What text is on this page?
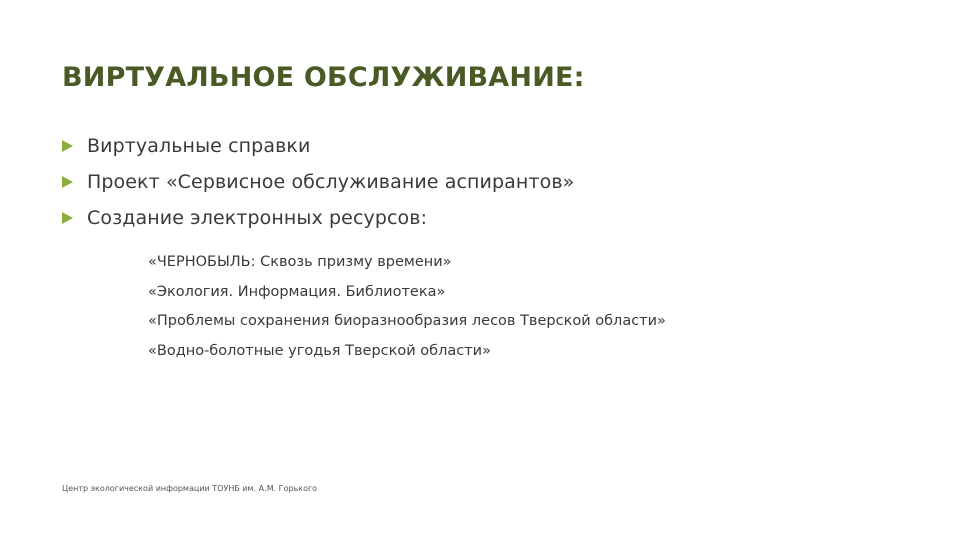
ВИРТУАЛЬНОЕ ОБСЛУЖИВАНИЕ:
Виртуальные справки
Проект «Сервисное обслуживание аспирантов»
Создание электронных ресурсов:
«ЧЕРНОБЫЛЬ: Сквозь призму времени»
«Экология. Информация. Библиотека»
«Проблемы сохранения биоразнообразия лесов Тверской области»
«Водно-болотные угодья Тверской области»
Центр экологической информации ТОУНБ им. А.М. Горького
